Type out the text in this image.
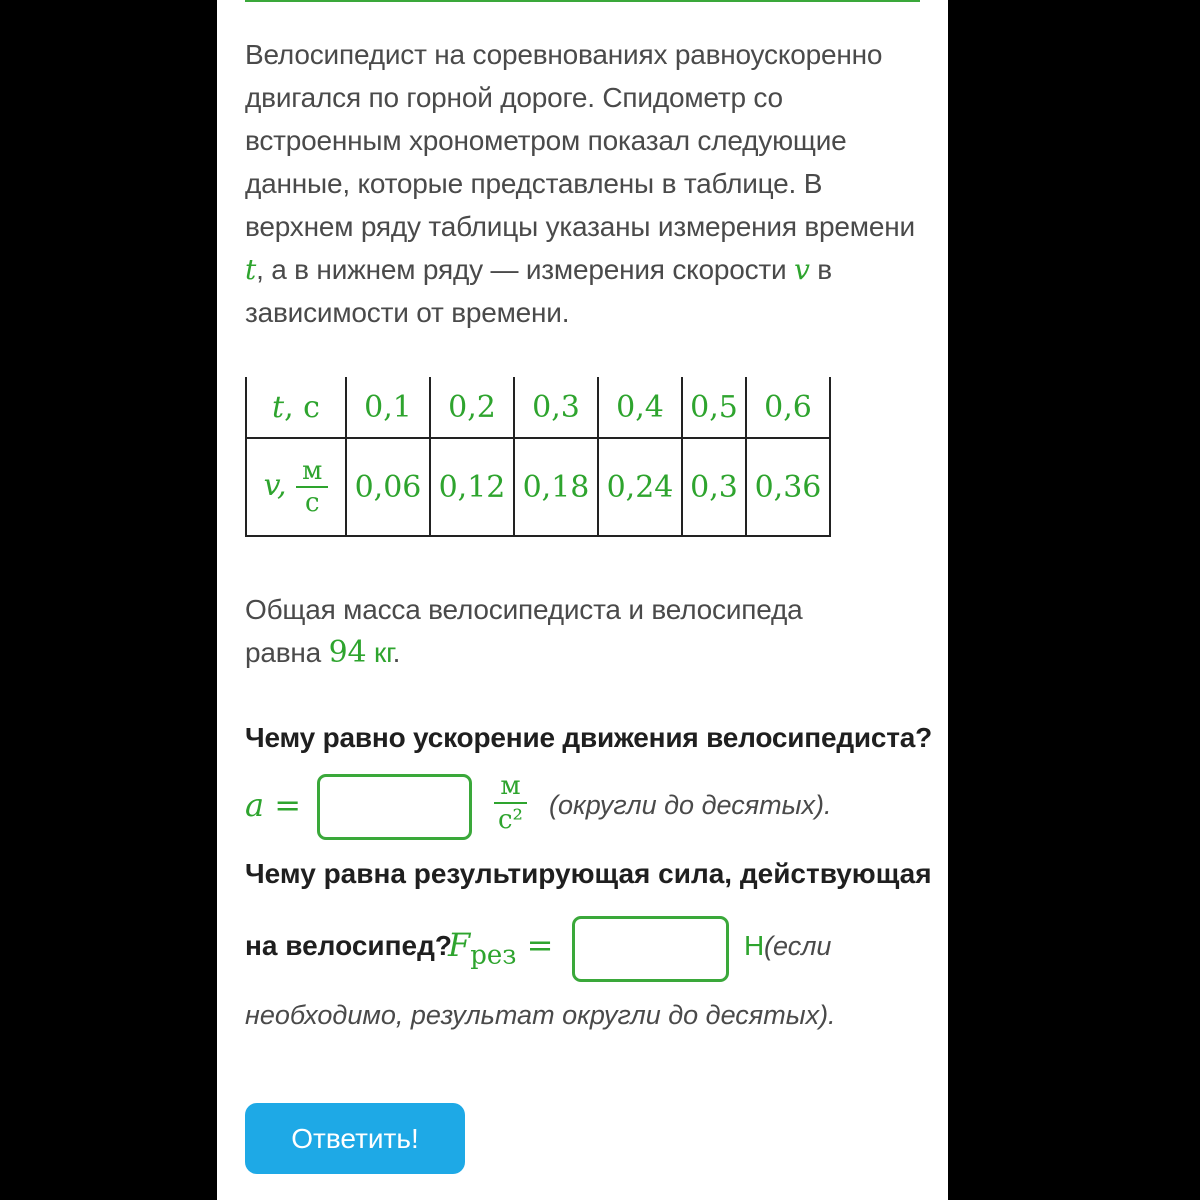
Велосипедист на соревнованиях равноускоренно двигался по горной дороге. Спидометр со встроенным хронометром показал следующие данные, которые представлены в таблице. В верхнем ряду таблицы указаны измерения времени t, а в нижнем ряду — измерения скорости v в зависимости от времени.
t, с	0,1	0,2	0,3	0,4	0,5	0,6
v, $\frac{м}{с}$	0,06	0,12	0,18	0,24	0,3	0,36
Общая масса велосипедиста и велосипеда равна 94 кг.
Чему равно ускорение движения велосипедиста?
a =	м
с² (округли до десятых).
Чему равна результирующая сила, действующая
на велосипед?
$F_{рез}$ =	Н (если
необходимо, результат округли до десятых).
Ответить!
